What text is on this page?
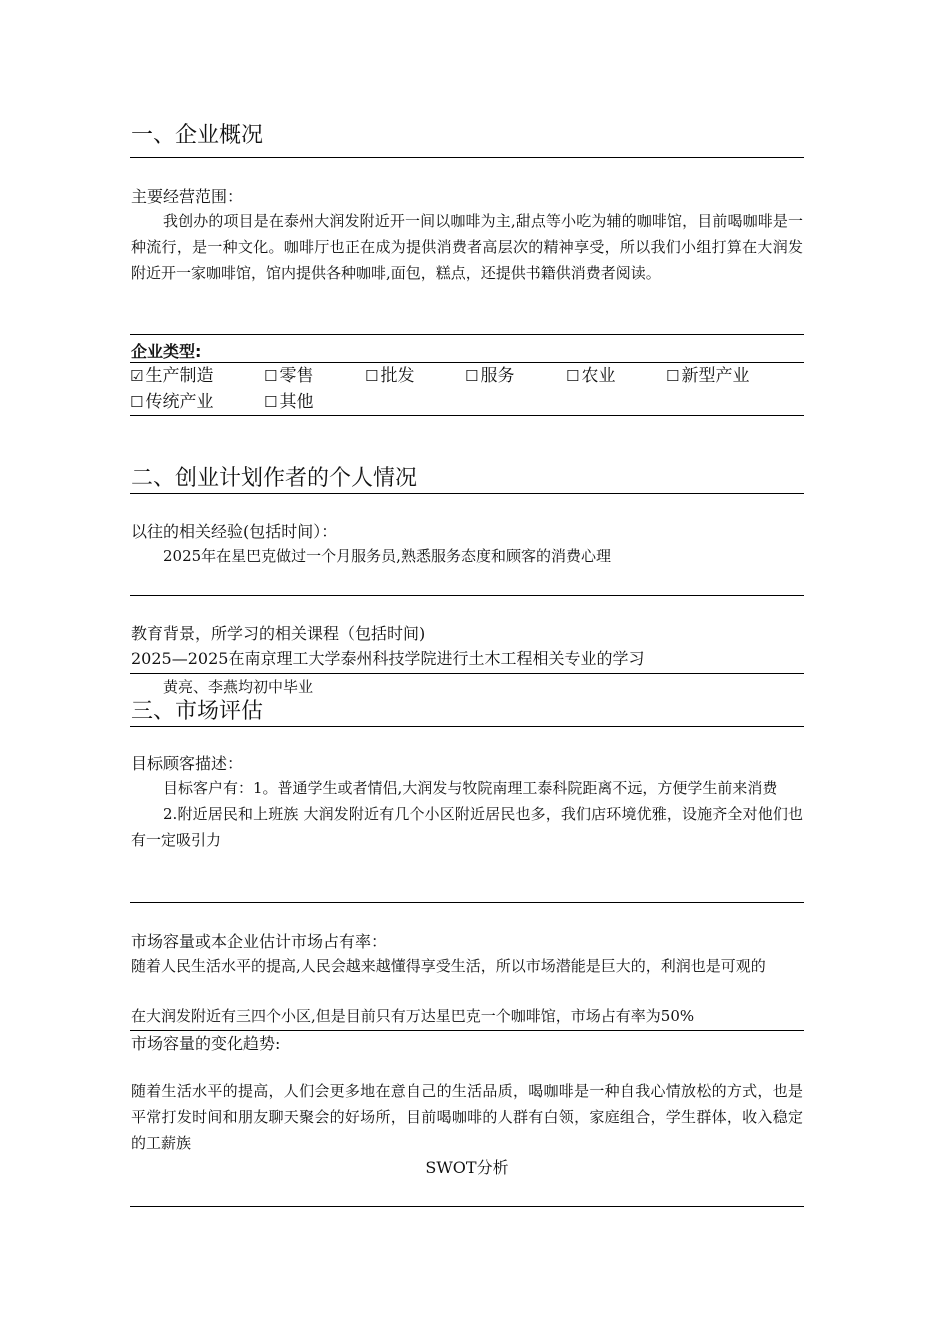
一、企业概况
主要经营范围：

我创办的项目是在泰州大润发附近开一间以咖啡为主,甜点等小吃为辅的咖啡馆，目前喝咖啡是一种流行，是一种文化。咖啡厅也正在成为提供消费者高层次的精神享受，所以我们小组打算在大润发附近开一家咖啡馆，馆内提供各种咖啡,面包，糕点，还提供书籍供消费者阅读。

企业类型:
☑ 生产制造	☐ 零售	☐ 批发	☐ 服务	☐ 农业	☐ 新型产业
☐ 传统产业	☐ 其他
二、创业计划作者的个人情况
以往的相关经验(包括时间）：
2025年在星巴克做过一个月服务员,熟悉服务态度和顾客的消费心理
教育背景，所学习的相关课程（包括时间)
2025—2025在南京理工大学泰州科技学院进行土木工程相关专业的学习
黄亮、李燕均初中毕业
三、市场评估
目标顾客描述：

目标客户有：1。普通学生或者情侣,大润发与牧院南理工泰科院距离不远，方便学生前来消费

2.附近居民和上班族 大润发附近有几个小区附近居民也多，我们店环境优雅，设施齐全对他们也有一定吸引力

市场容量或本企业估计市场占有率：

随着人民生活水平的提高,人民会越来越懂得享受生活，所以市场潜能是巨大的，利润也是可观的

在大润发附近有三四个小区,但是目前只有万达星巴克一个咖啡馆，市场占有率为50%
市场容量的变化趋势:

随着生活水平的提高，人们会更多地在意自己的生活品质，喝咖啡是一种自我心情放松的方式，也是平常打发时间和朋友聊天聚会的好场所，目前喝咖啡的人群有白领，家庭组合，学生群体，收入稳定的工薪族

SWOT分析
